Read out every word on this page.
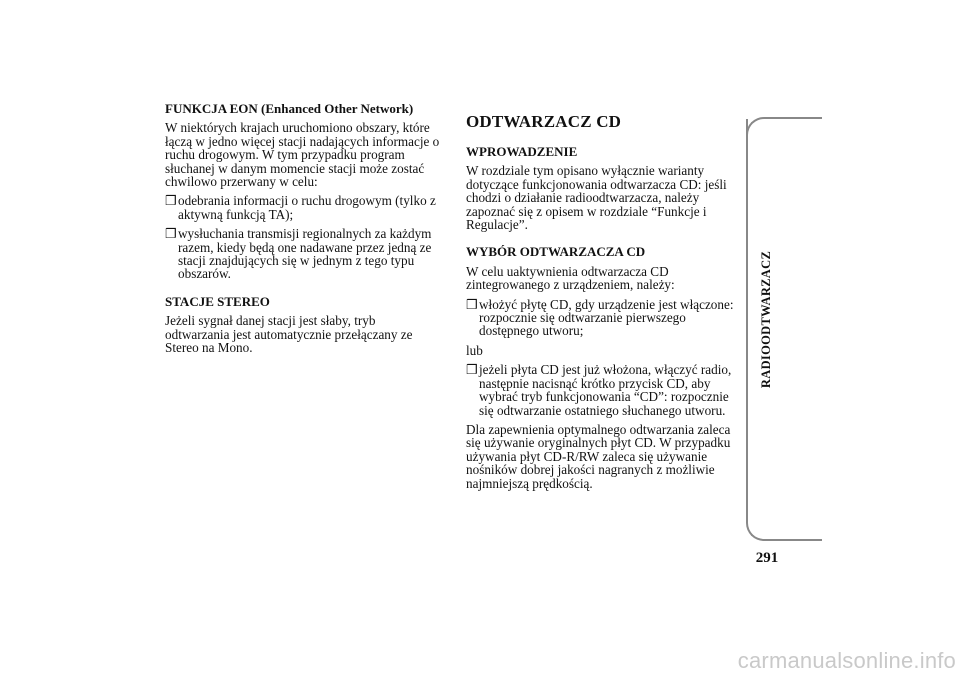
FUNKCJA EON (Enhanced Other Network)

W niektórych krajach uruchomiono obszary, które łączą w jedno więcej stacji nadających informacje o ruchu drogowym. W tym przypadku program słuchanej w danym momencie stacji może zostać chwilowo przerwany w celu:

❒ odebrania informacji o ruchu drogowym (tylko z aktywną funkcją TA);
❒ wysłuchania transmisji regionalnych za każdym razem, kiedy będą one nadawane przez jedną ze stacji znajdujących się w jednym z tego typu obszarów.
STACJE STEREO

Jeżeli sygnał danej stacji jest słaby, tryb odtwarzania jest automatycznie przełączany ze Stereo na Mono.

ODTWARZACZ CD
WPROWADZENIE

W rozdziale tym opisano wyłącznie warianty dotyczące funkcjonowania odtwarzacza CD: jeśli chodzi o działanie radioodtwarzacza, należy zapoznać się z opisem w rozdziale “Funkcje i Regulacje”.

WYBÓR ODTWARZACZA CD

W celu uaktywnienia odtwarzacza CD zintegrowanego z urządzeniem, należy:

❒ włożyć płytę CD, gdy urządzenie jest włączone: rozpocznie się odtwarzanie pierwszego dostępnego utworu;

lub

❒ jeżeli płyta CD jest już włożona, włączyć radio, następnie nacisnąć krótko przycisk CD, aby wybrać tryb funkcjonowania “CD”: rozpocznie się odtwarzanie ostatniego słuchanego utworu.

Dla zapewnienia optymalnego odtwarzania zaleca się używanie oryginalnych płyt CD. W przypadku używania płyt CD-R/RW zaleca się używanie nośników dobrej jakości nagranych z możliwie najmniejszą prędkością.

RADIOODTWARZACZ
291
carmanualsonline.info
